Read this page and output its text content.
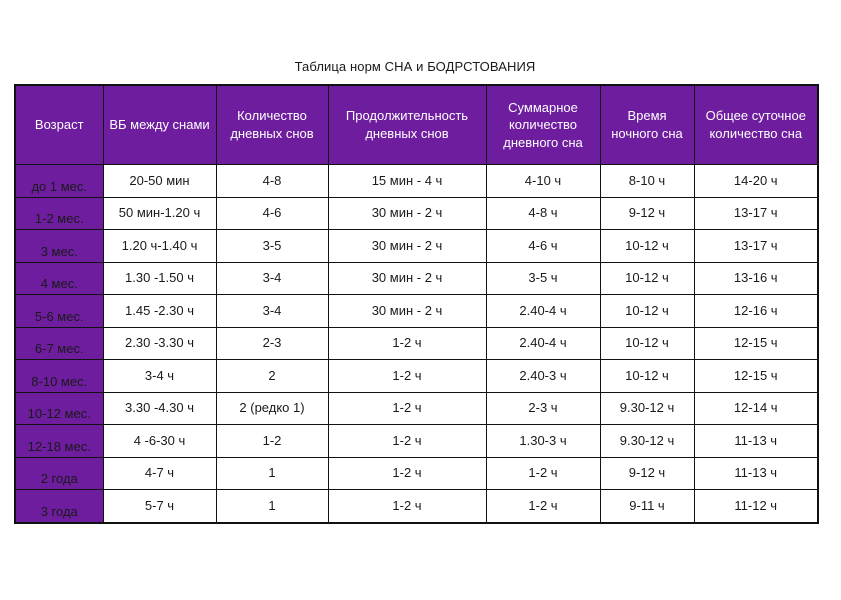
Таблица норм СНА и БОДРСТОВАНИЯ
Возраст	ВБ между снами	Количество дневных снов	Продолжительность дневных снов	Суммарное количество дневного сна	Время ночного сна	Общее суточное количество сна
до 1 мес.	20-50 мин	4-8	15 мин - 4 ч	4-10 ч	8-10 ч	14-20 ч
1-2 мес.	50 мин-1.20 ч	4-6	30 мин - 2 ч	4-8 ч	9-12 ч	13-17 ч
3 мес.	1.20 ч-1.40 ч	3-5	30 мин - 2 ч	4-6 ч	10-12 ч	13-17 ч
4 мес.	1.30 -1.50 ч	3-4	30 мин - 2 ч	3-5 ч	10-12 ч	13-16 ч
5-6 мес.	1.45 -2.30 ч	3-4	30 мин - 2 ч	2.40-4 ч	10-12 ч	12-16 ч
6-7 мес.	2.30 -3.30 ч	2-3	1-2 ч	2.40-4 ч	10-12 ч	12-15 ч
8-10 мес.	3-4 ч	2	1-2 ч	2.40-3 ч	10-12 ч	12-15 ч
10-12 мес.	3.30 -4.30 ч	2 (редко 1)	1-2 ч	2-3 ч	9.30-12 ч	12-14 ч
12-18 мес.	4 -6-30 ч	1-2	1-2 ч	1.30-3 ч	9.30-12 ч	11-13 ч
2 года	4-7 ч	1	1-2 ч	1-2 ч	9-12 ч	11-13 ч
3 года	5-7 ч	1	1-2 ч	1-2 ч	9-11 ч	11-12 ч
